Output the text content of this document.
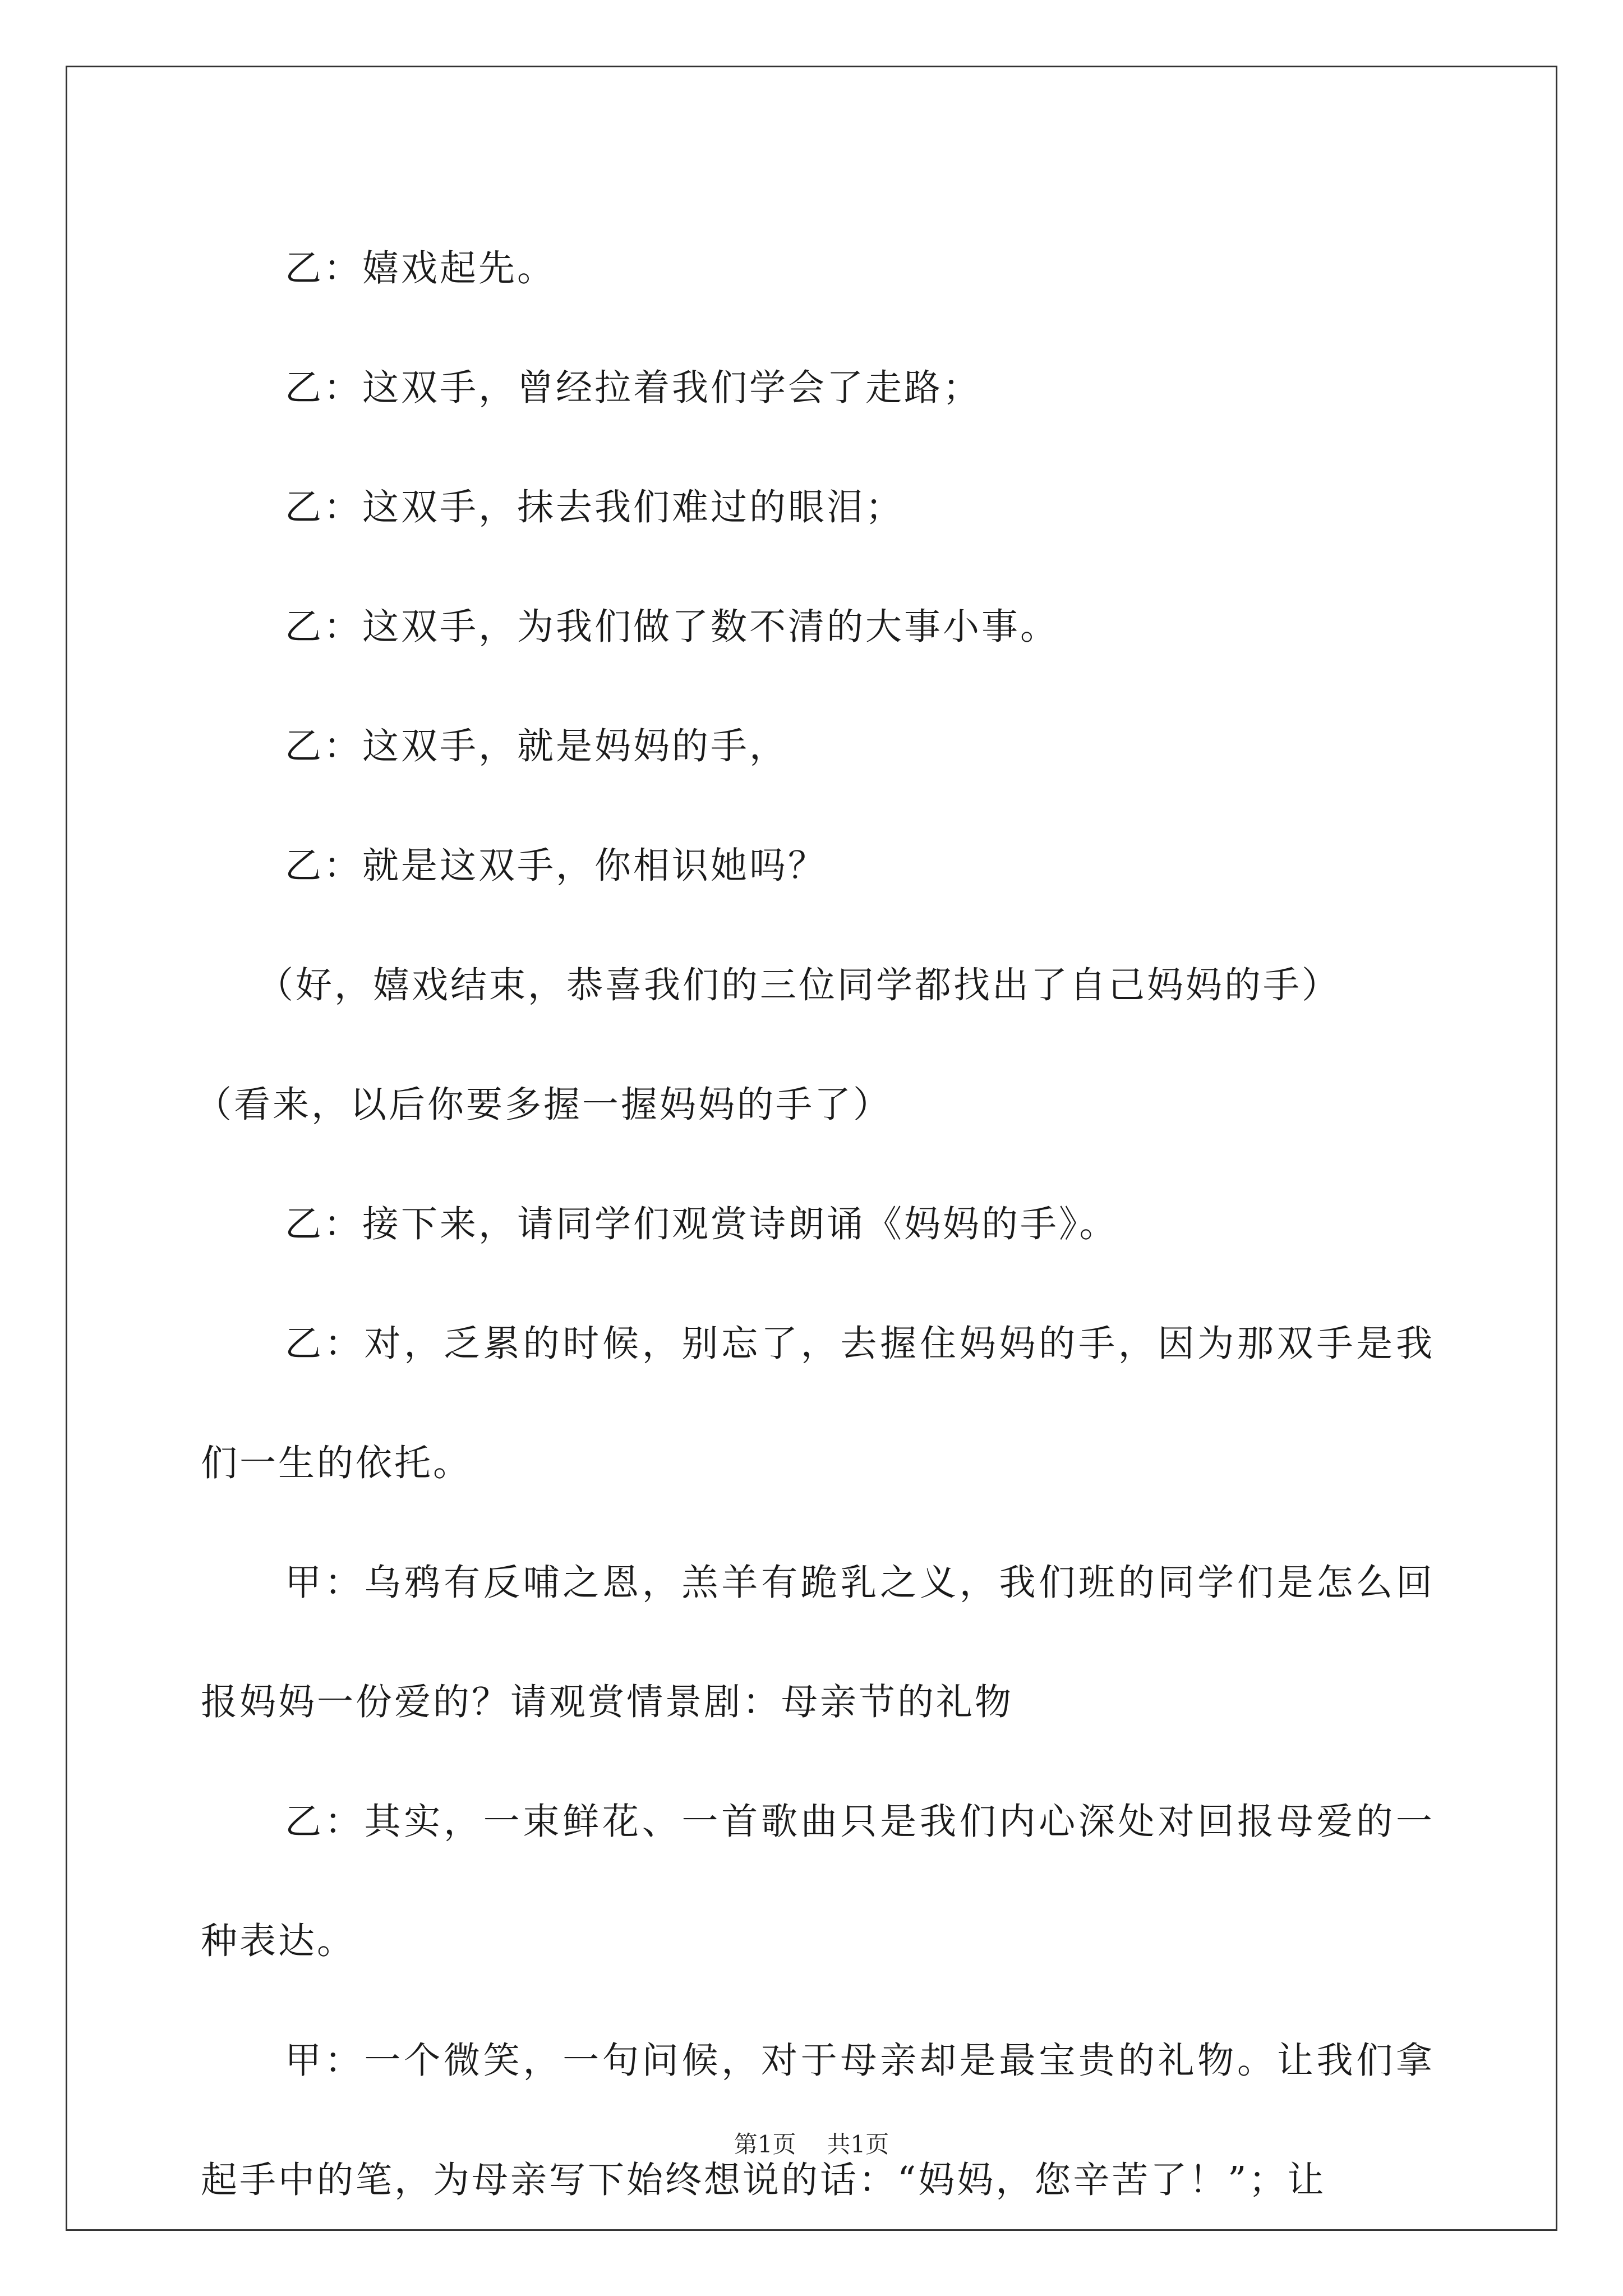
乙：嬉戏起先。

乙：这双手，曾经拉着我们学会了走路；

乙：这双手，抹去我们难过的眼泪；

乙：这双手，为我们做了数不清的大事小事。

乙：这双手，就是妈妈的手，

乙：就是这双手，你相识她吗？

（好，嬉戏结束，恭喜我们的三位同学都找出了自己妈妈的手）

（看来，以后你要多握一握妈妈的手了）

乙：接下来，请同学们观赏诗朗诵《妈妈的手》。

乙：对，乏累的时候，别忘了，去握住妈妈的手，因为那双手是我们一生的依托。

甲：乌鸦有反哺之恩，羔羊有跪乳之义，我们班的同学们是怎么回报妈妈一份爱的？请观赏情景剧：母亲节的礼物

乙：其实，一束鲜花、一首歌曲只是我们内心深处对回报母爱的一种表达。

甲：一个微笑，一句问候，对于母亲却是最宝贵的礼物。让我们拿起手中的笔，为母亲写下始终想说的话：“妈妈，您辛苦了！”；让

第1页 共1页
